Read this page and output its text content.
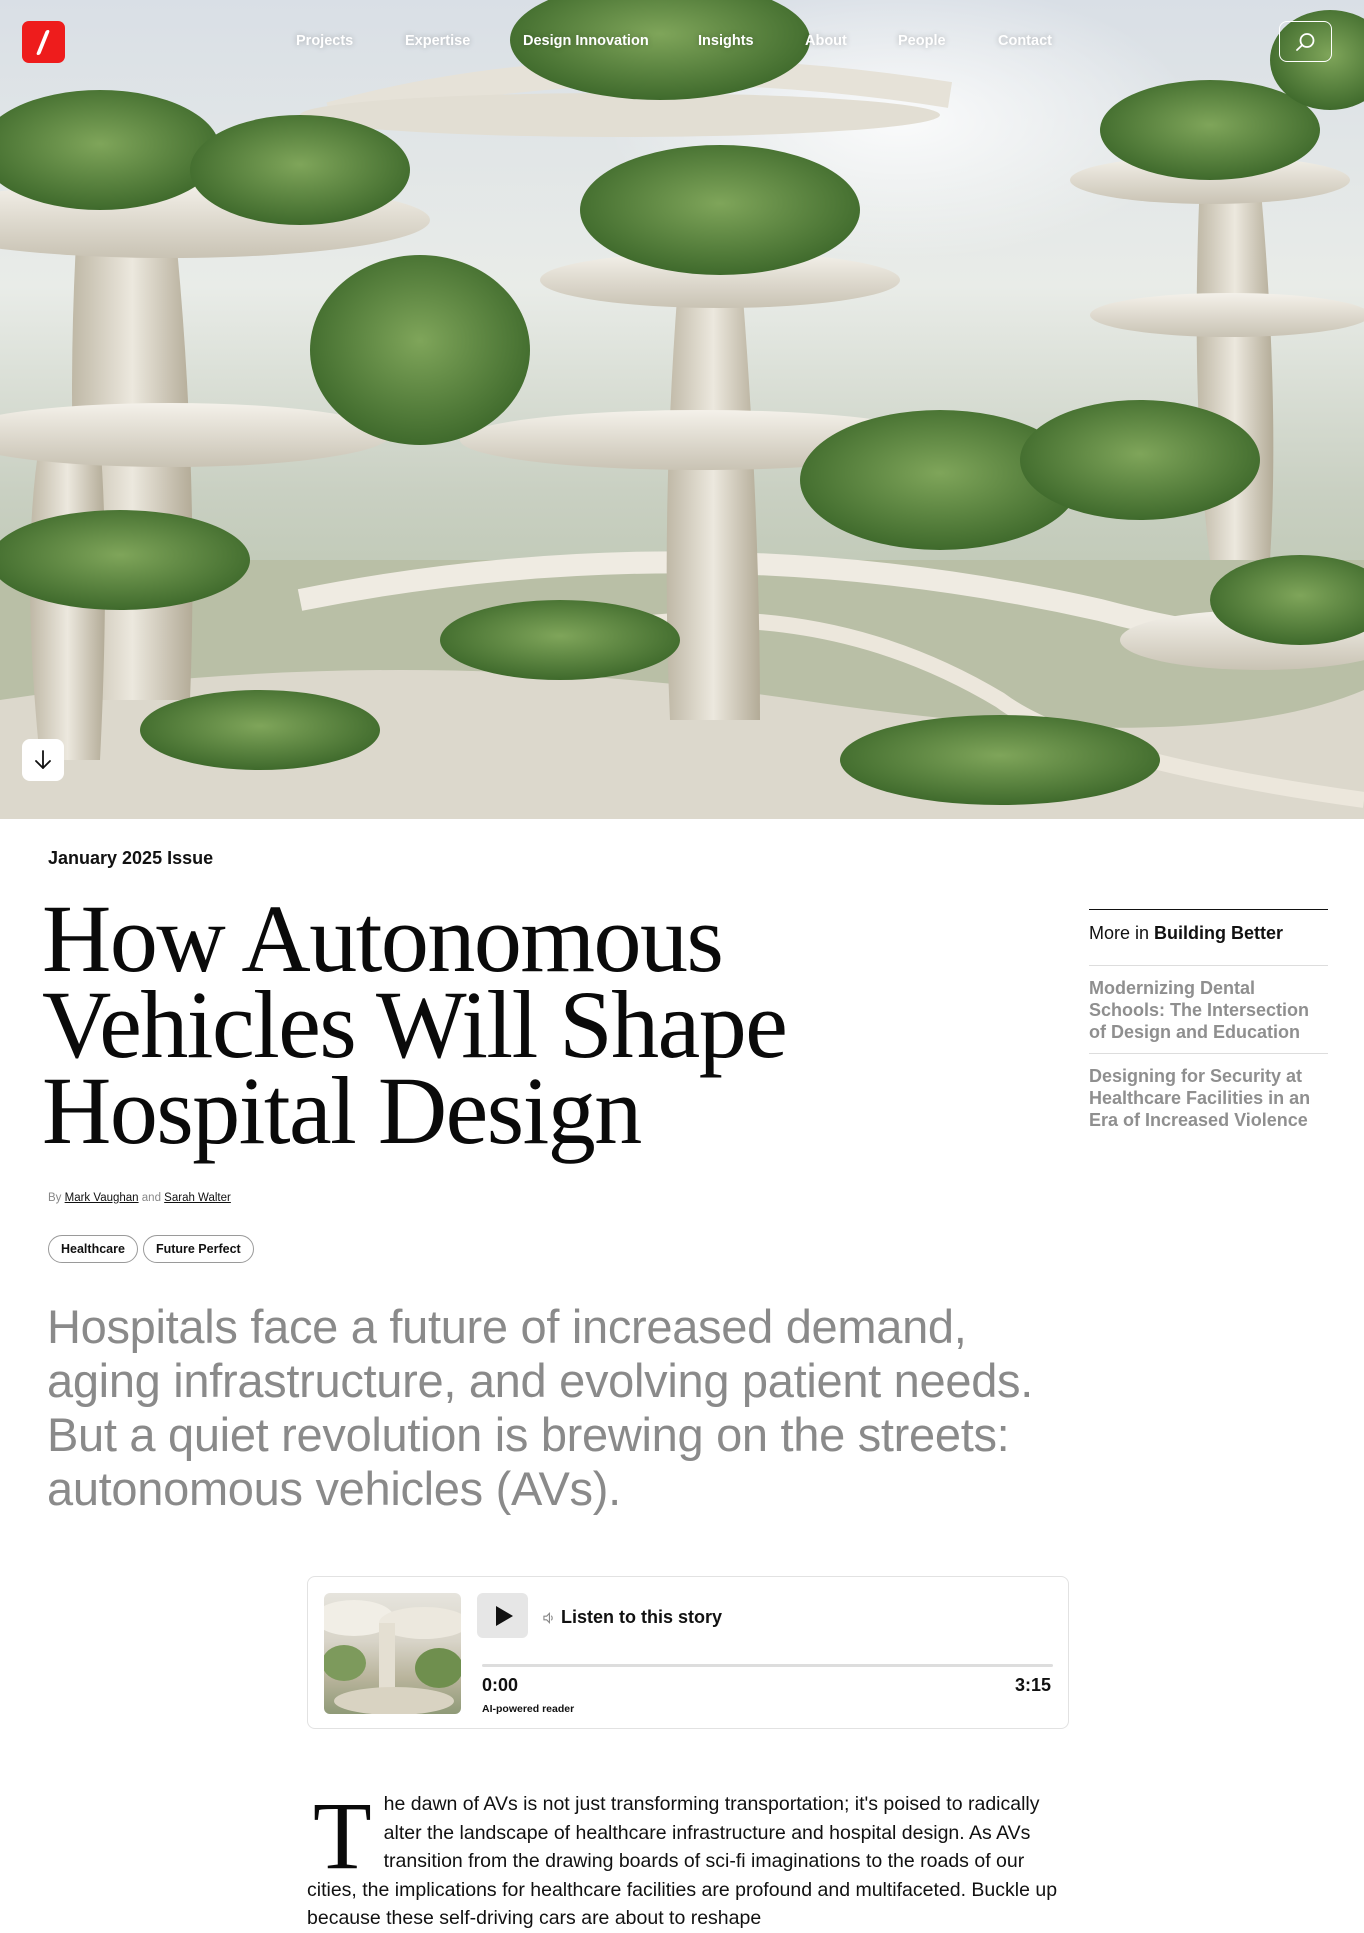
Projects	Expertise	Design Innovation	Insights	About	People	Contact
January 2025 Issue
How Autonomous Vehicles Will Shape Hospital Design
By Mark Vaughan and Sarah Walter
Healthcare	Future Perfect

Hospitals face a future of increased demand, aging infrastructure, and evolving patient needs. But a quiet revolution is brewing on the streets: autonomous vehicles (AVs).

More in Building Better
Modernizing Dental Schools: The Intersection of Design and Education
Designing for Security at Healthcare Facilities in an Era of Increased Violence
Listen to this story
0:00	3:15
AI-powered reader
T he dawn of AVs is not just transforming transportation; it's poised to radically alter the landscape of healthcare infrastructure and hospital design. As AVs transition from the drawing boards of sci-fi imaginations to the roads of our cities, the implications for healthcare facilities are profound and multifaceted. Buckle up because these self-driving cars are about to reshape
